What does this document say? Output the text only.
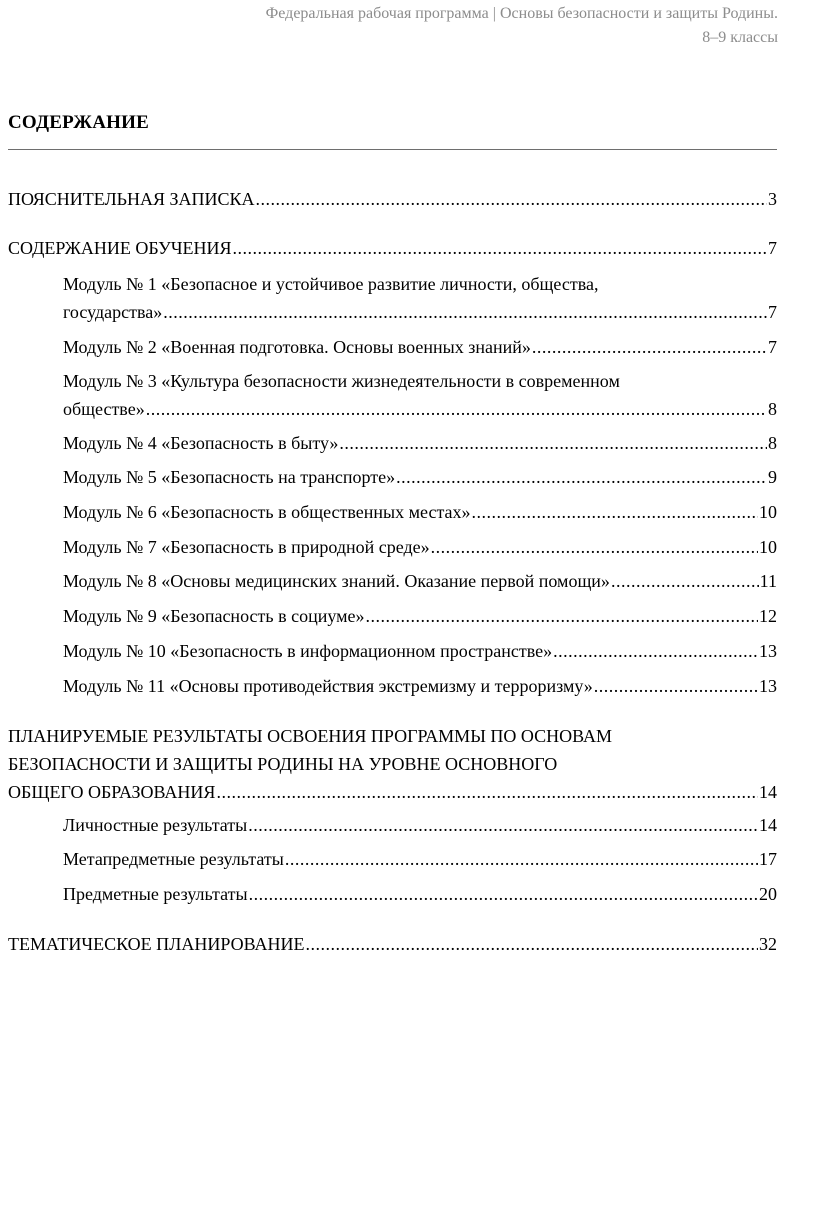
Федеральная рабочая программа | Основы безопасности и защиты Родины.
8–9 классы
СОДЕРЖАНИЕ
ПОЯСНИТЕЛЬНАЯ ЗАПИСКА .....	3
СОДЕРЖАНИЕ ОБУЧЕНИЯ .....	7
Модуль № 1 «Безопасное и устойчивое развитие личности, общества,
государства» .....	7
Модуль № 2 «Военная подготовка. Основы военных знаний» .....	7
Модуль № 3 «Культура безопасности жизнедеятельности в современном
обществе» .....	8
Модуль № 4 «Безопасность в быту» .....	8
Модуль № 5 «Безопасность на транспорте» .....	9
Модуль № 6 «Безопасность в общественных местах» .....	10
Модуль № 7 «Безопасность в природной среде» .....	10
Модуль № 8 «Основы медицинских знаний. Оказание первой помощи» .....	11
Модуль № 9 «Безопасность в социуме» .....	12
Модуль № 10 «Безопасность в информационном пространстве» .....	13
Модуль № 11 «Основы противодействия экстремизму и терроризму» .....	13
ПЛАНИРУЕМЫЕ РЕЗУЛЬТАТЫ ОСВОЕНИЯ ПРОГРАММЫ ПО ОСНОВАМ
БЕЗОПАСНОСТИ И ЗАЩИТЫ РОДИНЫ НА УРОВНЕ ОСНОВНОГО
ОБЩЕГО ОБРАЗОВАНИЯ .....	14
Личностные результаты .....	14
Метапредметные результаты .....	17
Предметные результаты .....	20
ТЕМАТИЧЕСКОЕ ПЛАНИРОВАНИЕ .....	32
